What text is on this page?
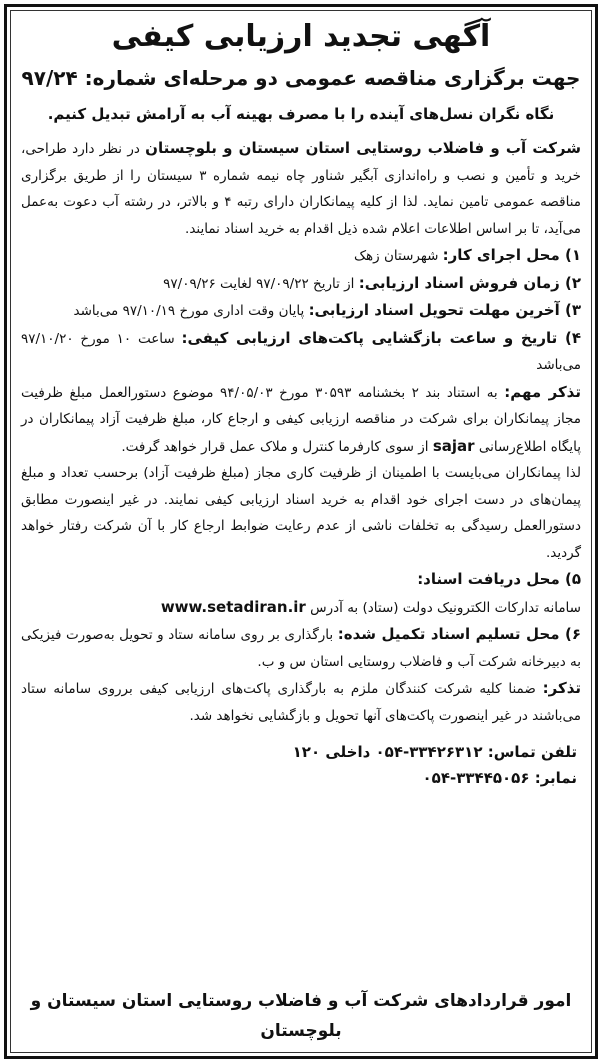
آگهی تجدید ارزیابی کیفی
جهت برگزاری مناقصه عمومی دو مرحله‌ای شماره: ۹۷/۲۴
نگاه نگران نسل‌های آینده را با مصرف بهینه آب به آرامش تبدیل کنیم.

شرکت آب و فاضلاب روستایی استان سیستان و بلوچستان در نظر دارد طراحی، خرید و تأمین و نصب و راه‌اندازی آبگیر شناور چاه نیمه شماره ۳ سیستان را از طریق برگزاری مناقصه عمومی تامین نماید. لذا از کلیه پیمانکاران دارای رتبه ۴ و بالاتر، در رشته آب دعوت به‌عمل می‌آید، تا بر اساس اطلاعات اعلام شده ذیل اقدام به خرید اسناد نمایند.

۱) محل اجرای کار: شهرستان زهک
۲) زمان فروش اسناد ارزیابی: از تاریخ ۹۷/۰۹/۲۲ لغایت ۹۷/۰۹/۲۶
۳) آخرین مهلت تحویل اسناد ارزیابی: پایان وقت اداری مورخ ۹۷/۱۰/۱۹ می‌باشد
۴) تاریخ و ساعت بازگشایی پاکت‌های ارزیابی کیفی: ساعت ۱۰ مورخ ۹۷/۱۰/۲۰ می‌باشد

تذکر مهم: به استناد بند ۲ بخشنامه ۳۰۵۹۳ مورخ ۹۴/۰۵/۰۳ موضوع دستورالعمل مبلغ ظرفیت مجاز پیمانکاران برای شرکت در مناقصه ارزیابی کیفی و ارجاع کار، مبلغ ظرفیت آزاد پیمانکاران در پایگاه اطلاع‌رسانی sajar از سوی کارفرما کنترل و ملاک عمل قرار خواهد گرفت.

لذا پیمانکاران می‌بایست با اطمینان از ظرفیت کاری مجاز (مبلغ ظرفیت آزاد) برحسب تعداد و مبلغ پیمان‌های در دست اجرای خود اقدام به خرید اسناد ارزیابی کیفی نمایند. در غیر اینصورت مطابق دستورالعمل رسیدگی به تخلفات ناشی از عدم رعایت ضوابط ارجاع کار با آن شرکت رفتار خواهد گردید.

۵) محل دریافت اسناد:
سامانه تدارکات الکترونیک دولت (ستاد) به آدرس www.setadiran.ir

۶) محل تسلیم اسناد تکمیل شده: بارگذاری بر روی سامانه ستاد و تحویل به‌صورت فیزیکی به دبیرخانه شرکت آب و فاضلاب روستایی استان س و ب.

تذکر: ضمنا کلیه شرکت کنندگان ملزم به بارگذاری پاکت‌های ارزیابی کیفی برروی سامانه ستاد می‌باشند در غیر اینصورت پاکت‌های آنها تحویل و بازگشایی نخواهد شد.

تلفن تماس: ۳۳۴۲۶۳۱۲-۰۵۴ داخلی ۱۲۰
نمابر: ۳۳۴۴۵۰۵۶-۰۵۴
امور قراردادهای شرکت آب و فاضلاب روستایی استان سیستان و بلوچستان
